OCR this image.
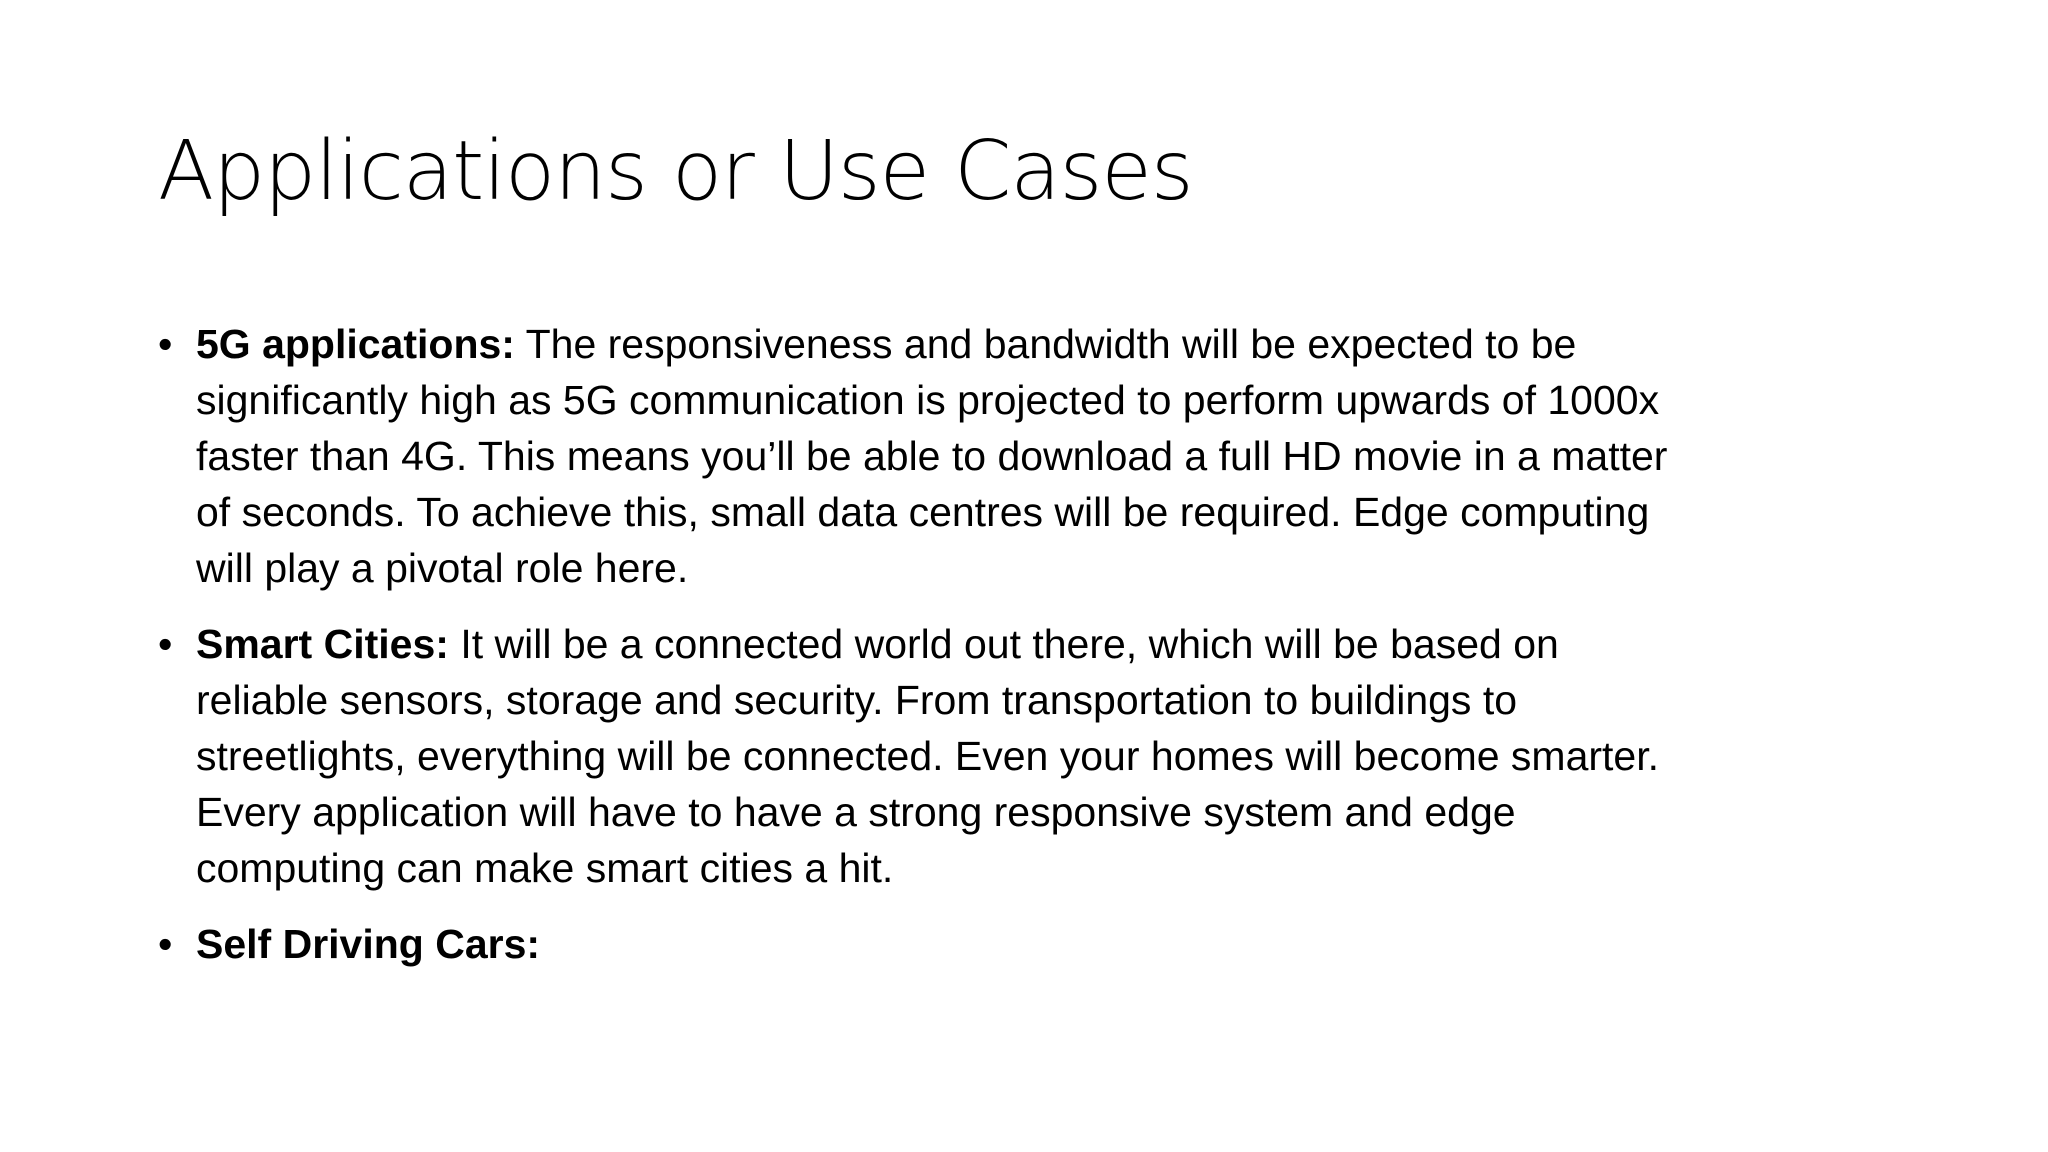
Applications or Use Cases
• 5G applications: The responsiveness and bandwidth will be expected to be
significantly high as 5G communication is projected to perform upwards of 1000x
faster than 4G. This means you’ll be able to download a full HD movie in a matter
of seconds. To achieve this, small data centres will be required. Edge computing
will play a pivotal role here.
• Smart Cities: It will be a connected world out there, which will be based on
reliable sensors, storage and security. From transportation to buildings to
streetlights, everything will be connected. Even your homes will become smarter.
Every application will have to have a strong responsive system and edge
computing can make smart cities a hit.
• Self Driving Cars:
